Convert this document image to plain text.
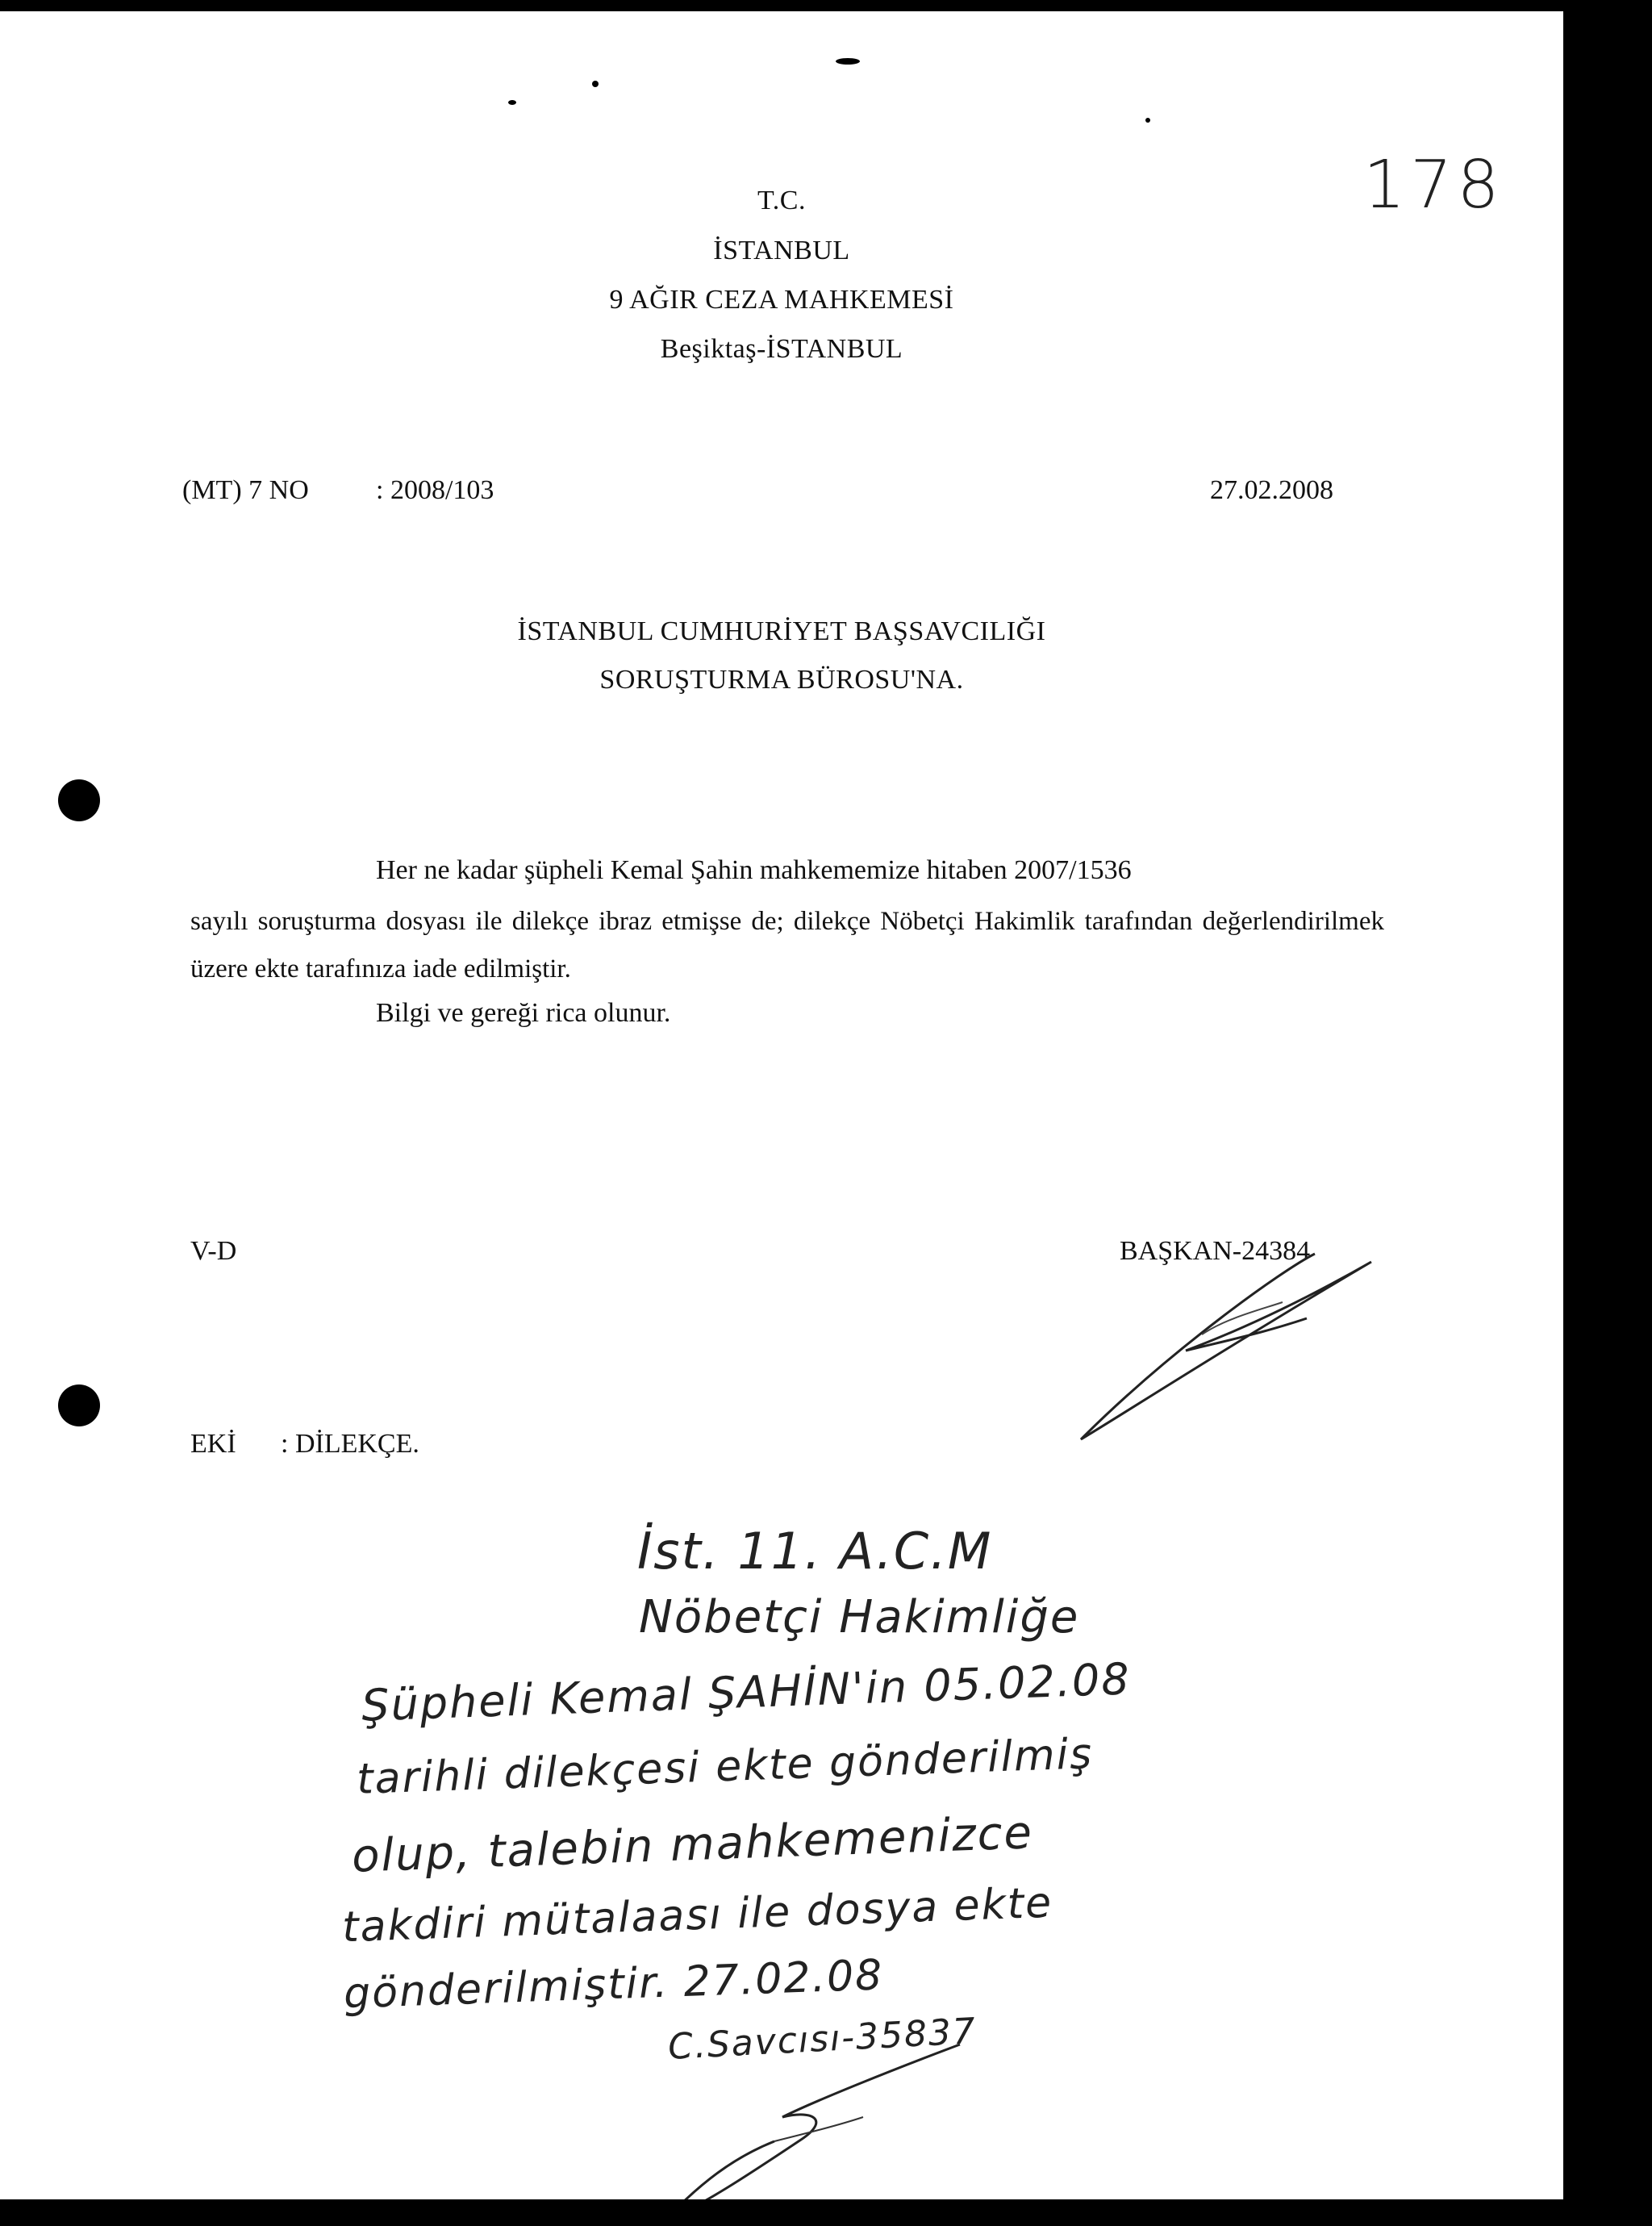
T.C.
İSTANBUL
9 AĞIR CEZA MAHKEMESİ
Beşiktaş-İSTANBUL
178
(MT) 7 NO : 2008/103	27.02.2008
İSTANBUL CUMHURİYET BAŞSAVCILIĞI
SORUŞTURMA BÜROSU'NA.
Her ne kadar şüpheli Kemal Şahin mahkememize hitaben 2007/1536
sayılı soruşturma dosyası ile dilekçe ibraz etmişse de; dilekçe Nöbetçi Hakimlik tarafından değerlendirilmek üzere ekte tarafınıza iade edilmiştir.
Bilgi ve gereği rica olunur.
V-D	BAŞKAN-24384
EKİ : DİLEKÇE.
İst. 11. A.C.M
Nöbetçi Hakimliğe
Şüpheli Kemal ŞAHİN'in 05.02.08
tarihli dilekçesi ekte gönderilmiş
olup, talebin mahkemenizce
takdiri mütalaası ile dosya ekte
gönderilmiştir. 27.02.08
C.Savcısı-35837
